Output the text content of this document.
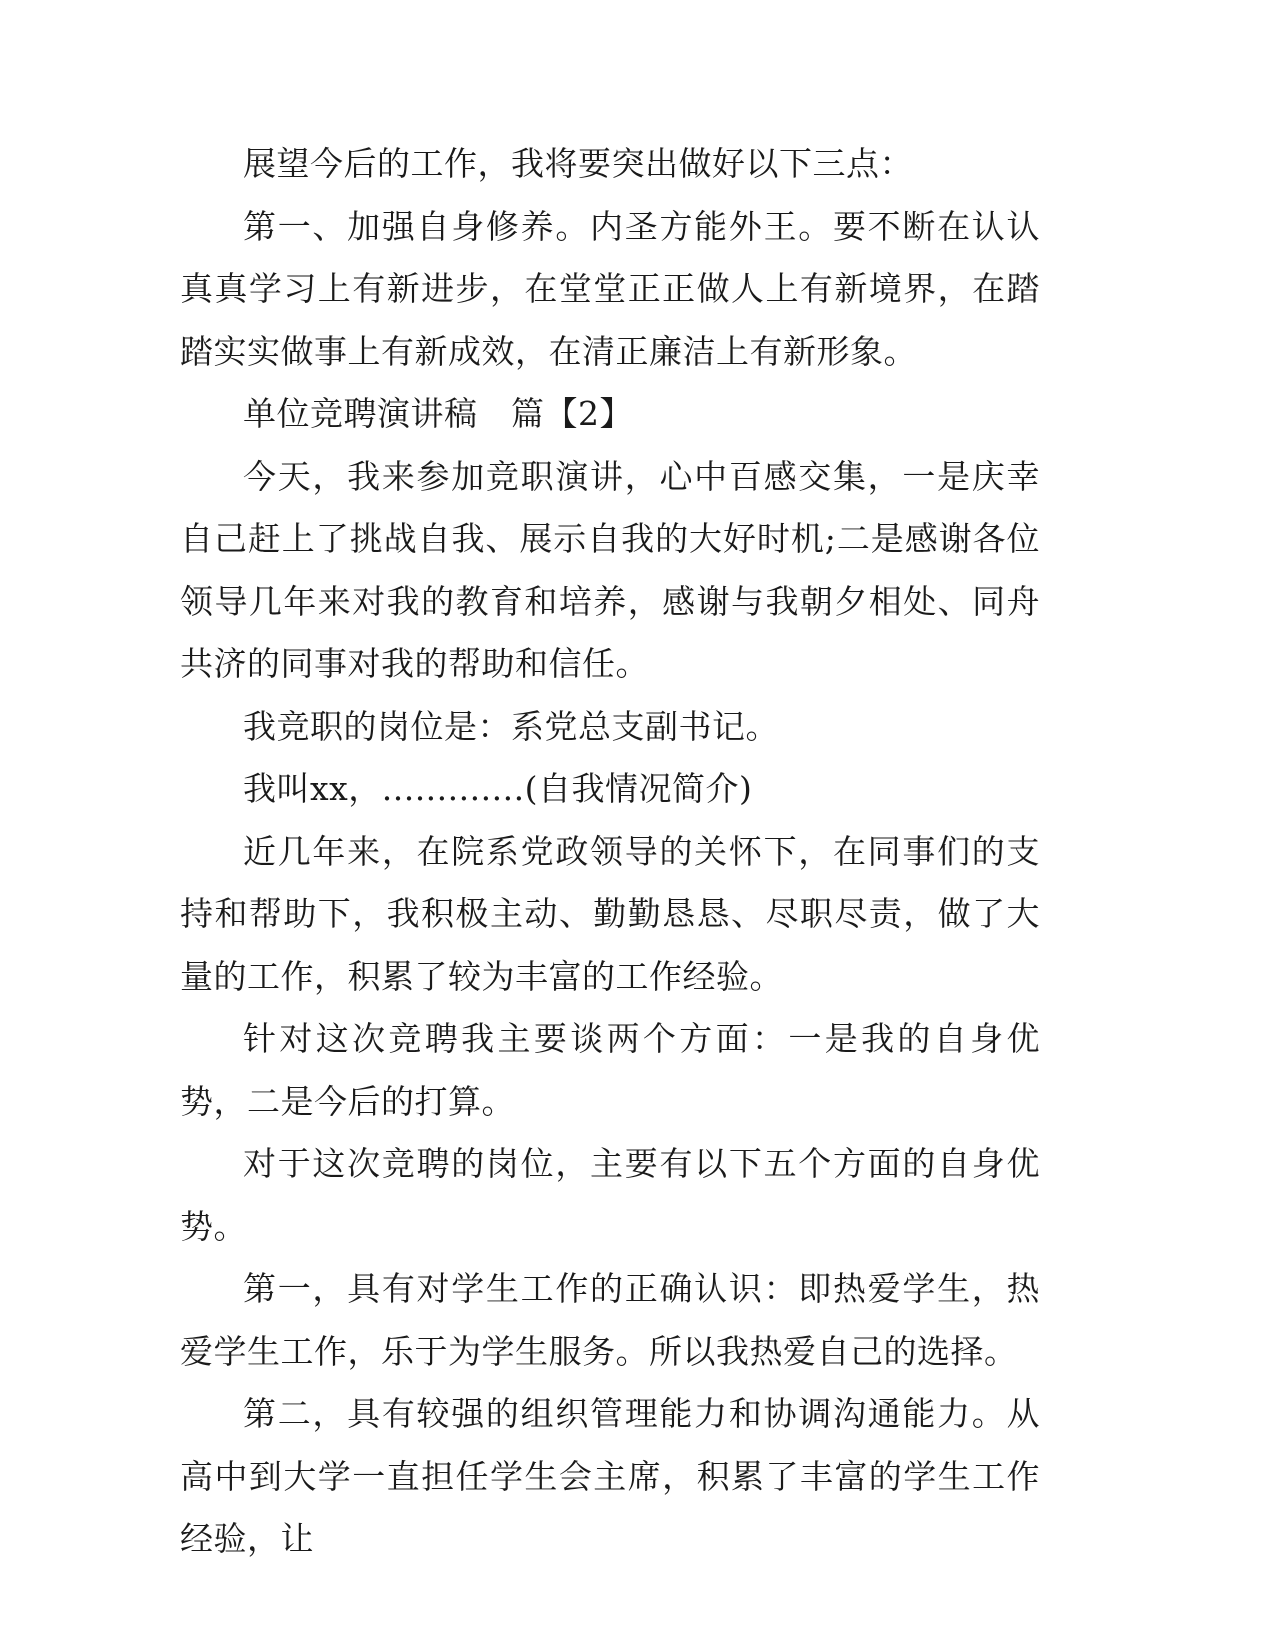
展望今后的工作，我将要突出做好以下三点：

第一、加强自身修养。内圣方能外王。要不断在认认真真学习上有新进步，在堂堂正正做人上有新境界，在踏踏实实做事上有新成效，在清正廉洁上有新形象。

单位竞聘演讲稿　篇【2】

今天，我来参加竞职演讲，心中百感交集，一是庆幸自己赶上了挑战自我、展示自我的大好时机;二是感谢各位领导几年来对我的教育和培养，感谢与我朝夕相处、同舟共济的同事对我的帮助和信任。

我竞职的岗位是：系党总支副书记。

我叫xx，.............(自我情况简介)

近几年来，在院系党政领导的关怀下，在同事们的支持和帮助下，我积极主动、勤勤恳恳、尽职尽责，做了大量的工作，积累了较为丰富的工作经验。

针对这次竞聘我主要谈两个方面：一是我的自身优势，二是今后的打算。

对于这次竞聘的岗位，主要有以下五个方面的自身优势。

第一，具有对学生工作的正确认识：即热爱学生，热爱学生工作，乐于为学生服务。所以我热爱自己的选择。

第二，具有较强的组织管理能力和协调沟通能力。从高中到大学一直担任学生会主席，积累了丰富的学生工作经验，让
